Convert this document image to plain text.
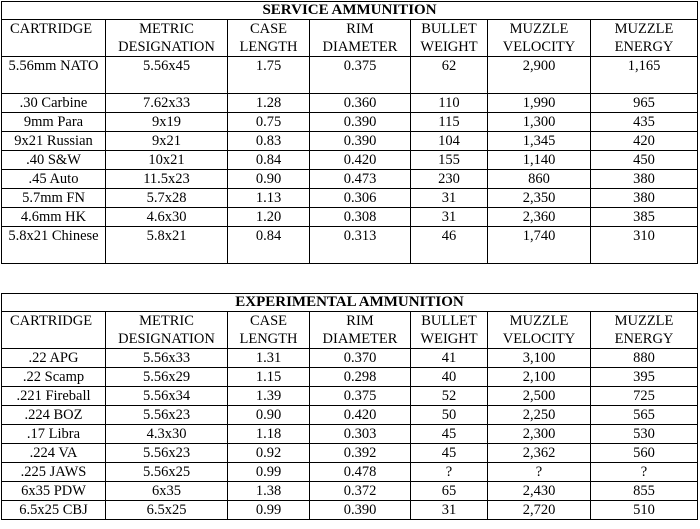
SERVICE AMMUNITION						
CARTRIDGE	METRIC DESIGNATION	CASE LENGTH	RIM DIAMETER	BULLET WEIGHT	MUZZLE VELOCITY	MUZZLE ENERGY
5.56mm NATO	5.56x45	1.75	0.375	62	2,900	1,165
.30 Carbine	7.62x33	1.28	0.360	110	1,990	965
9mm Para	9x19	0.75	0.390	115	1,300	435
9x21 Russian	9x21	0.83	0.390	104	1,345	420
.40 S&W	10x21	0.84	0.420	155	1,140	450
.45 Auto	11.5x23	0.90	0.473	230	860	380
5.7mm FN	5.7x28	1.13	0.306	31	2,350	380
4.6mm HK	4.6x30	1.20	0.308	31	2,360	385
5.8x21 Chinese	5.8x21	0.84	0.313	46	1,740	310
EXPERIMENTAL AMMUNITION						
CARTRIDGE	METRIC DESIGNATION	CASE LENGTH	RIM DIAMETER	BULLET WEIGHT	MUZZLE VELOCITY	MUZZLE ENERGY
.22 APG	5.56x33	1.31	0.370	41	3,100	880
.22 Scamp	5.56x29	1.15	0.298	40	2,100	395
.221 Fireball	5.56x34	1.39	0.375	52	2,500	725
.224 BOZ	5.56x23	0.90	0.420	50	2,250	565
.17 Libra	4.3x30	1.18	0.303	45	2,300	530
.224 VA	5.56x23	0.92	0.392	45	2,362	560
.225 JAWS	5.56x25	0.99	0.478	?	?	?
6x35 PDW	6x35	1.38	0.372	65	2,430	855
6.5x25 CBJ	6.5x25	0.99	0.390	31	2,720	510
